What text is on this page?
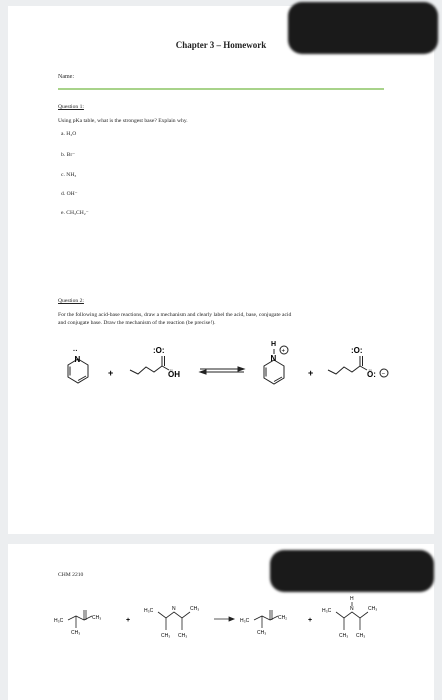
Chapter 3 – Homework
Name:
Question 1:
Using pKa table, what is the strongest base? Explain why.
a. H₂O
b. Br⁻
c. NH₃
d. OH⁻
e. CH₃CH₂⁻
Question 2:
For the following acid-base reactions, draw a mechanism and clearly label the acid, base, conjugate acid
and conjugate base. Draw the mechanism of the reaction (be precise!).
N
··
+
:O:
ÖH
H
N
+
+
:O:
Ö: −
CHM 2210
H₃C	CH₃
CH₃
+
H₃C	N	CH₃
CH₃ CH₃
H₃C	CH₂
CH₃
+
H
H₃C	N	CH₃
CH₃ CH₃
